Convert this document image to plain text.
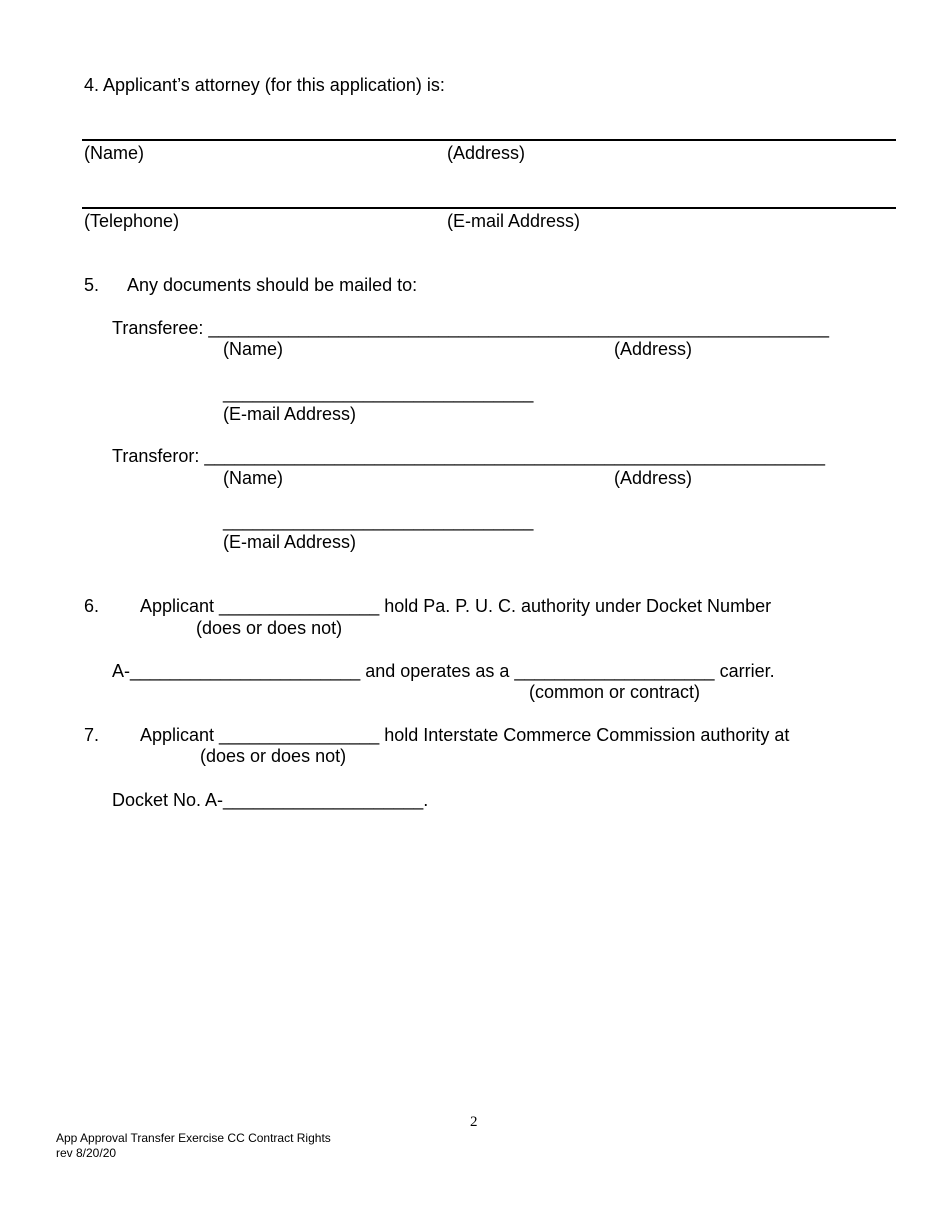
4. Applicant’s attorney (for this application) is:
(Name)	(Address)
(Telephone)	(E-mail Address)
5. Any documents should be mailed to:
Transferee: ______________________________________________________________
(Name)	(Address)
_______________________________
(E-mail Address)
Transferor: ______________________________________________________________
(Name)	(Address)
_______________________________
(E-mail Address)
6. Applicant ________________ hold Pa. P. U. C. authority under Docket Number
(does or does not)
A-_______________________ and operates as a ____________________ carrier.
(common or contract)
7. Applicant ________________ hold Interstate Commerce Commission authority at
(does or does not)
Docket No. A-____________________.
2
App Approval Transfer Exercise CC Contract Rights
rev 8/20/20
